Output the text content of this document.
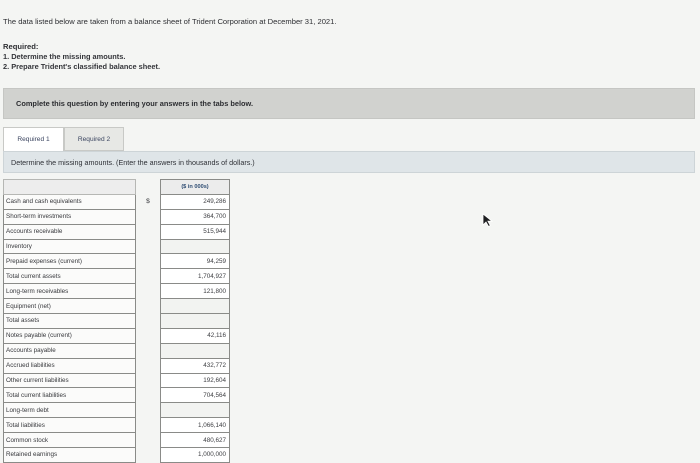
The data listed below are taken from a balance sheet of Trident Corporation at December 31, 2021.
Required:
1. Determine the missing amounts.
2. Prepare Trident's classified balance sheet.
Complete this question by entering your answers in the tabs below.
Required 1	Required 2
Determine the missing amounts. (Enter the answers in thousands of dollars.)
		($ in 000s)
Cash and cash equivalents	$	249,286
Short-term investments		364,700
Accounts receivable		515,944
Inventory		
Prepaid expenses (current)		94,259
Total current assets		1,704,927
Long-term receivables		121,800
Equipment (net)		
Total assets		
Notes payable (current)		42,116
Accounts payable		
Accrued liabilities		432,772
Other current liabilities		192,604
Total current liabilities		704,564
Long-term debt		
Total liabilities		1,066,140
Common stock		480,627
Retained earnings		1,000,000
